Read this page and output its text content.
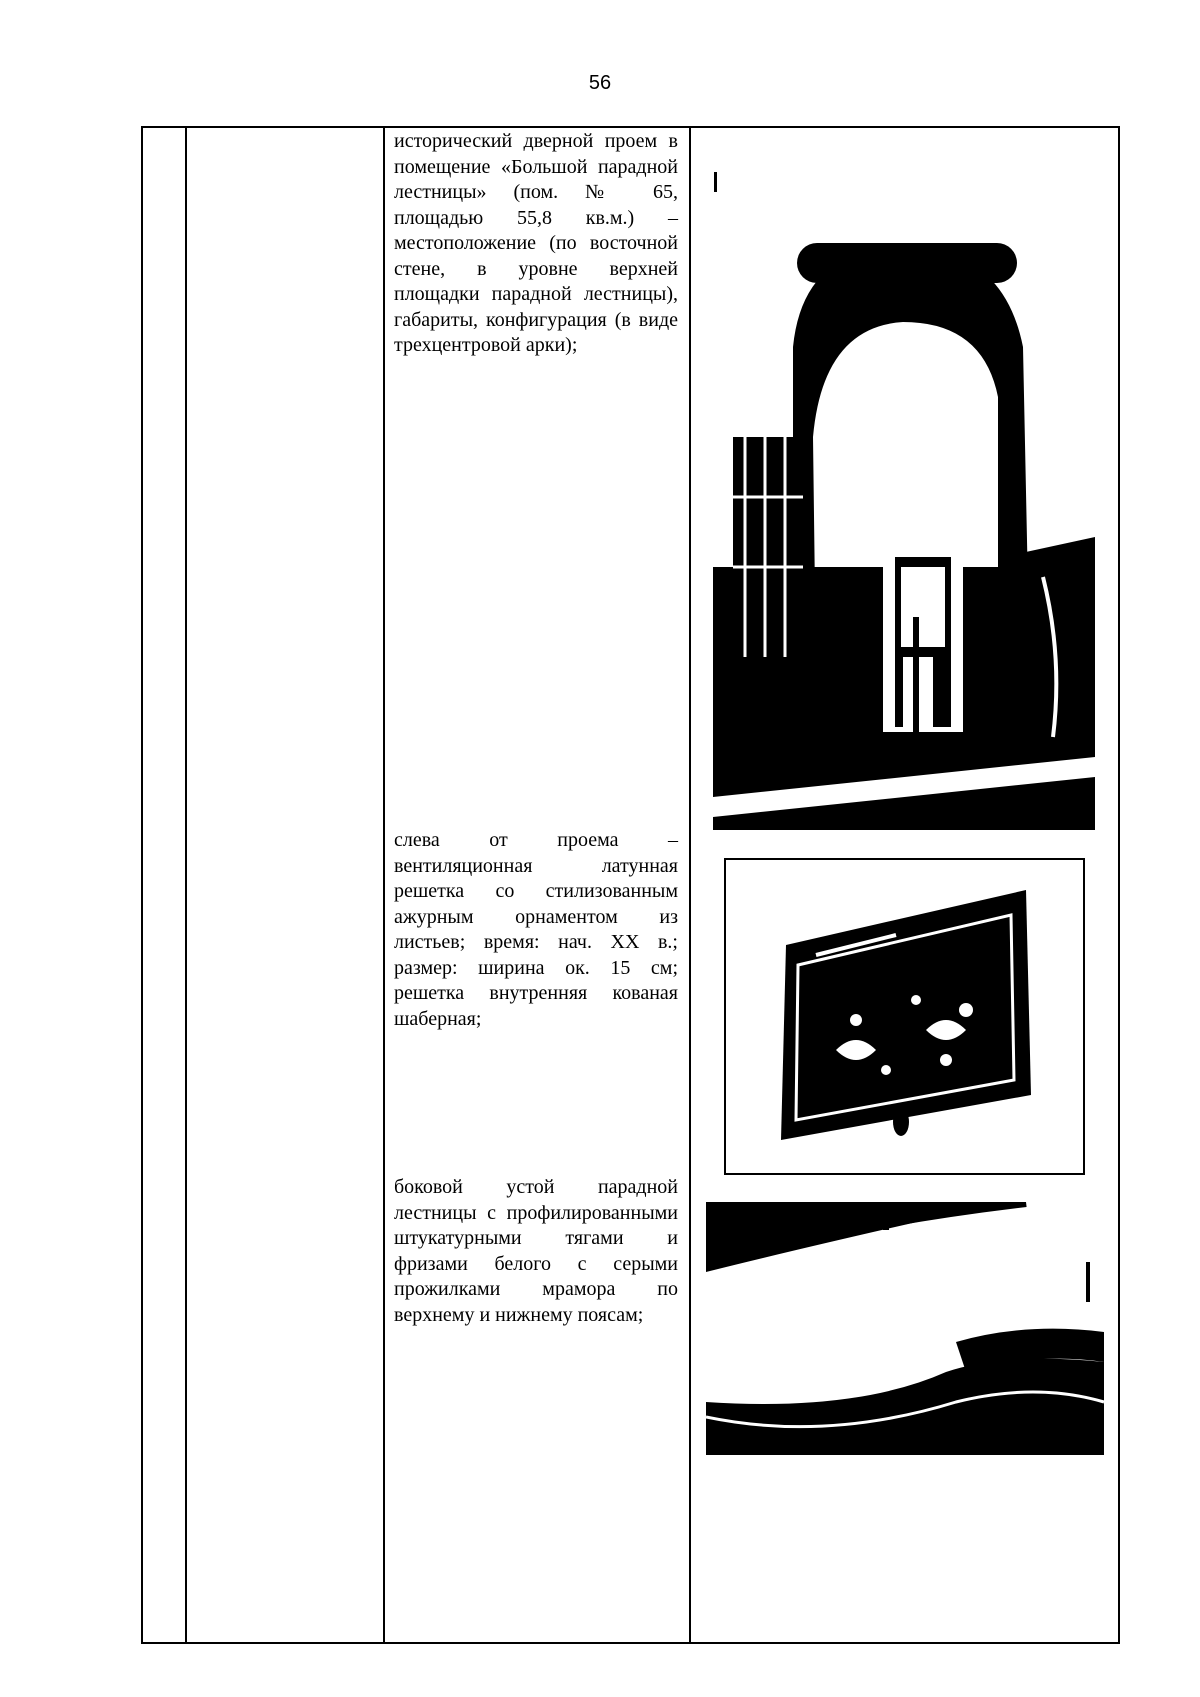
56

исторический дверной проем в помещение «Большой парадной лестницы» (пом. № 65, площадью 55,8 кв.м.) – местоположение (по восточной стене, в уровне верхней площадки парадной лестницы), габариты, конфигурация (в виде трехцентровой арки);

слева от проема – вентиляционная латунная решетка со стилизованным ажурным орнаментом из листьев; время: нач. XX в.; размер: ширина ок. 15 см; решетка внутренняя кованая шаберная;

боковой устой парадной лестницы с профилированными штукатурными тягами и фризами белого с серыми прожилками мрамора по верхнему и нижнему поясам;
